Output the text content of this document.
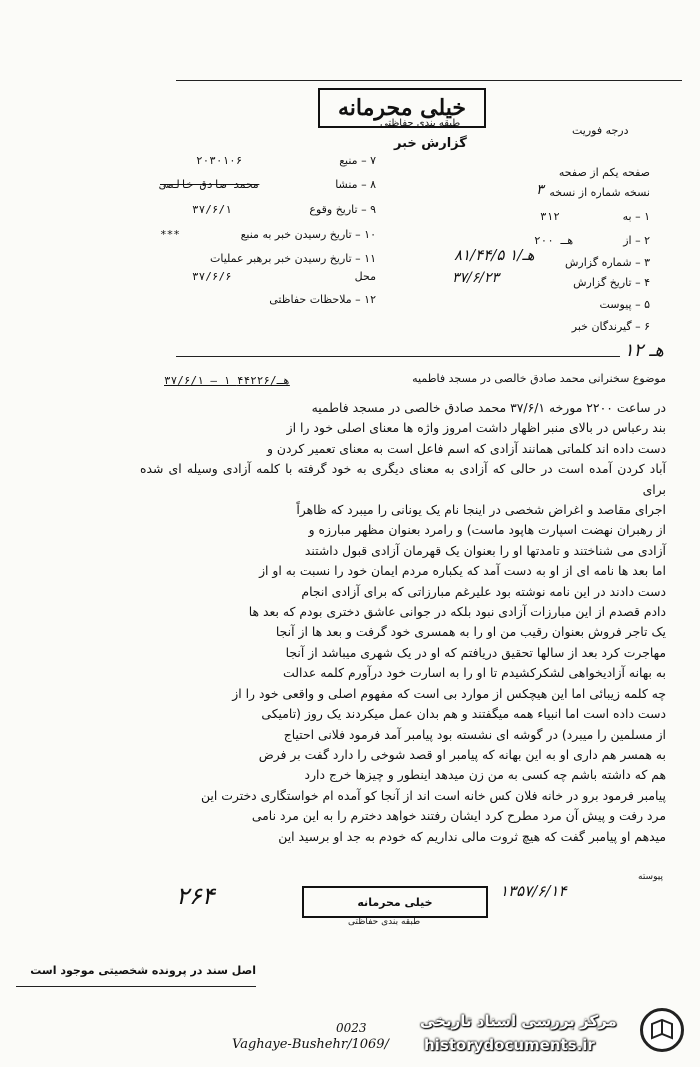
خیلی محرمانه
طبقه بندی حفاظتی
گزارش خبر
درجه فوریت
۷ – منبع
۲۰۳۰۱۰۶
۸ – منشا
محمد صادق خالصی
۹ – تاریخ وقوع
۳۷/۶/۱
۱۰ – تاریخ رسیدن خبر به منبع
***
۱۱ – تاریخ رسیدن خبر برهبر عملیات
محل
۳۷/۶/۶
۱۲ – ملاحظات حفاظتی
صفحه یکم از صفحه
نسخه شماره از نسخه
۳
۱ – به
۳۱۲
۲ – از
۲۰۰ هـ
۳ – شماره گزارش
۸۱/۴۴/۵ هـ/۱
۴ – تاریخ گزارش
۳۷/۶/۲۳
۵ – پیوست
۶ – گیرندگان خبر
۱۲ هـ
موضوع سخنرانی محمد صادق خالصی در مسجد فاطمیه
۳۷/۶/۱ – ۱ هـ/۴۴۲۲۶

در ساعت ۲۲۰۰ مورخه ۳۷/۶/۱ محمد صادق خالصی در مسجد فاطمیه

بند رعباس در بالای منبر اظهار داشت امروز واژه ها معنای اصلی خود را از

دست داده اند کلماتی همانند آزادی که اسم فاعل است به معنای تعمیر کردن و

آباد کردن آمده است در حالی که آزادی به معنای دیگری به خود گرفته با کلمه آزادی وسیله ای شده برای

اجرای مقاصد و اغراض شخصی در اینجا نام یک یونانی را میبرد که ظاهراً

از رهبران نهضت اسپارت هاپود ماست) و رامرد بعنوان مظهر مبارزه و

آزادی می شناختند و تامدتها او را بعنوان یک قهرمان آزادی قبول داشتند

اما بعد ها نامه ای از او به دست آمد که یکباره مردم ایمان خود را نسبت به او از

دست دادند در این نامه نوشته بود علیرغم مبارزاتی که برای آزادی انجام

دادم قصدم از این مبارزات آزادی نبود بلکه در جوانی عاشق دختری بودم که بعد ها

یک تاجر فروش بعنوان رقیب من او را به همسری خود گرفت و بعد ها از آنجا

مهاجرت کرد بعد از سالها تحقیق دریافتم که او در یک شهری میباشد از آنجا

به بهانه آزادیخواهی لشکرکشیدم تا او را به اسارت خود درآورم کلمه عدالت

چه کلمه زیبائی اما این هیچکس از موارد بی است که مفهوم اصلی و واقعی خود را از

دست داده است اما انبیاء همه میگفتند و هم بدان عمل میکردند یک روز (تامیکی

از مسلمین را میبرد) در گوشه ای نشسته بود پیامبر آمد فرمود فلانی احتیاج

به همسر هم داری او به این بهانه که پیامبر او قصد شوخی را دارد گفت بر فرض

هم که داشته باشم چه کسی به من زن میدهد اینطور و چیزها خرج دارد

پیامبر فرمود برو در خانه فلان کس خانه است اند از آنجا کو آمده ام خواستگاری دخترت این

مرد رفت و پیش آن مرد مطرح کرد ایشان رفتند خواهد دخترم را به این مرد نامی

میدهم او پیامبر گفت که هیچ ثروت مالی نداریم که خودم به جد او برسید این

۲۶۴	خیلی محرمانه
طبقه بندی حفاظتی
۱۳۵۷/۶/۱۴
پیوسته
اصل سند در پرونده شخصیتی موجود است
0023
Vaghaye-Bushehr/1069/
مرکز بررسی اسناد تاریخی
historydocuments.ir
